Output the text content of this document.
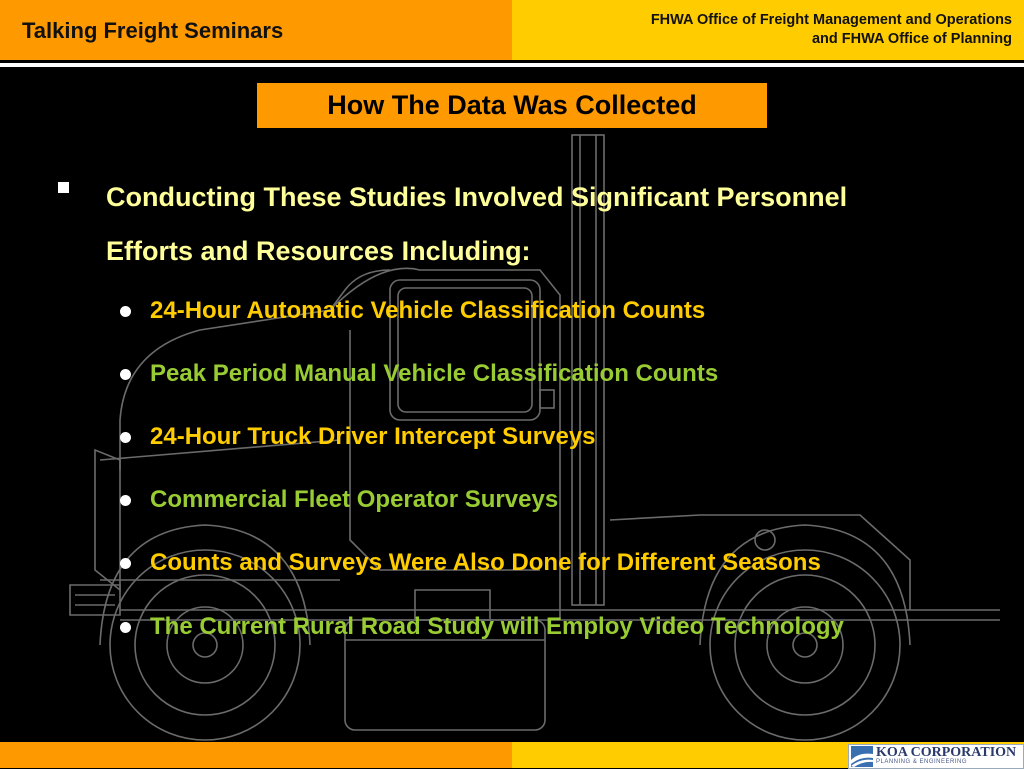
Talking Freight Seminars	FHWA Office of Freight Management and Operations
and FHWA Office of Planning
How The Data Was Collected
Conducting These Studies Involved Significant Personnel Efforts and Resources Including:
24-Hour Automatic Vehicle Classification Counts
Peak Period Manual Vehicle Classification Counts
24-Hour Truck Driver Intercept Surveys
Commercial Fleet Operator Surveys
Counts and Surveys Were Also Done for Different Seasons
The Current Rural Road Study will Employ Video Technology
KOA CORPORATION
PLANNING & ENGINEERING
